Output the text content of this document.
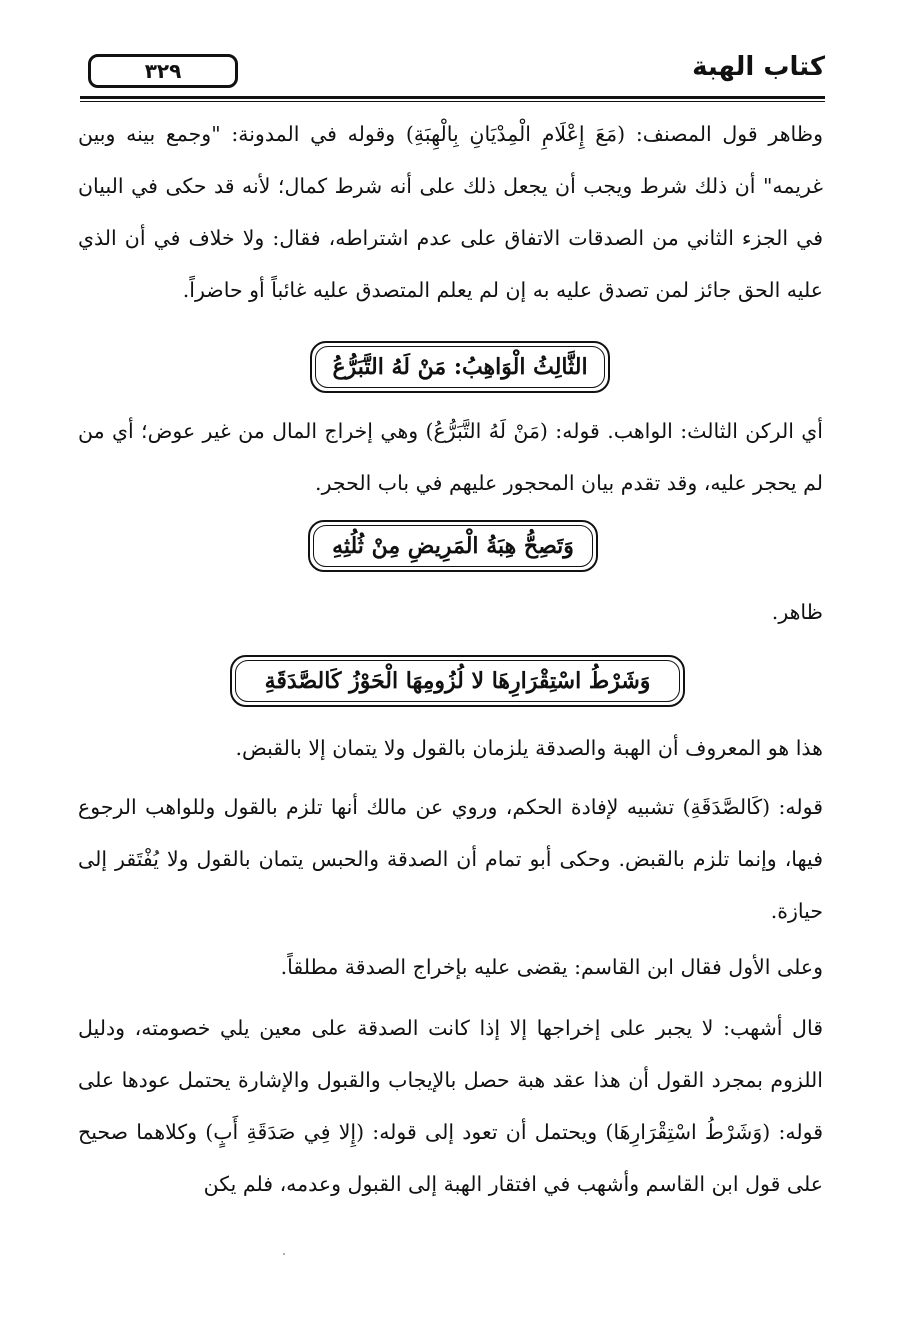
٣٢٩	كتاب الهبة
وظاهر قول المصنف: (مَعَ إِعْلَامِ الْمِدْيَانِ بِالْهِبَةِ) وقوله في المدونة: "وجمع بينه وبين غريمه" أن ذلك شرط ويجب أن يجعل ذلك على أنه شرط كمال؛ لأنه قد حكى في البيان في الجزء الثاني من الصدقات الاتفاق على عدم اشتراطه، فقال: ولا خلاف في أن الذي عليه الحق جائز لمن تصدق عليه به إن لم يعلم المتصدق عليه غائباً أو حاضراً.
الثَّالِثُ الْوَاهِبُ: مَنْ لَهُ التَّبَرُّعُ
أي الركن الثالث: الواهب. قوله: (مَنْ لَهُ التَّبَرُّعُ) وهي إخراج المال من غير عوض؛ أي من لم يحجر عليه، وقد تقدم بيان المحجور عليهم في باب الحجر.
وَتَصِحُّ هِبَةُ الْمَرِيضِ مِنْ ثُلُثِهِ
ظاهر.
وَشَرْطُ اسْتِقْرَارِهَا لا لُزُومِهَا الْحَوْزُ كَالصَّدَقَةِ
هذا هو المعروف أن الهبة والصدقة يلزمان بالقول ولا يتمان إلا بالقبض.
قوله: (كَالصَّدَقَةِ) تشبيه لإفادة الحكم، وروي عن مالك أنها تلزم بالقول وللواهب الرجوع فيها، وإنما تلزم بالقبض. وحكى أبو تمام أن الصدقة والحبس يتمان بالقول ولا يُفْتَقر إلى حيازة.
وعلى الأول فقال ابن القاسم: يقضى عليه بإخراج الصدقة مطلقاً.
قال أشهب: لا يجبر على إخراجها إلا إذا كانت الصدقة على معين يلي خصومته، ودليل اللزوم بمجرد القول أن هذا عقد هبة حصل بالإيجاب والقبول والإشارة يحتمل عودها على قوله: (وَشَرْطُ اسْتِقْرَارِهَا) ويحتمل أن تعود إلى قوله: (إِلا فِي صَدَقَةِ أَبٍ) وكلاهما صحيح على قول ابن القاسم وأشهب في افتقار الهبة إلى القبول وعدمه، فلم يكن
